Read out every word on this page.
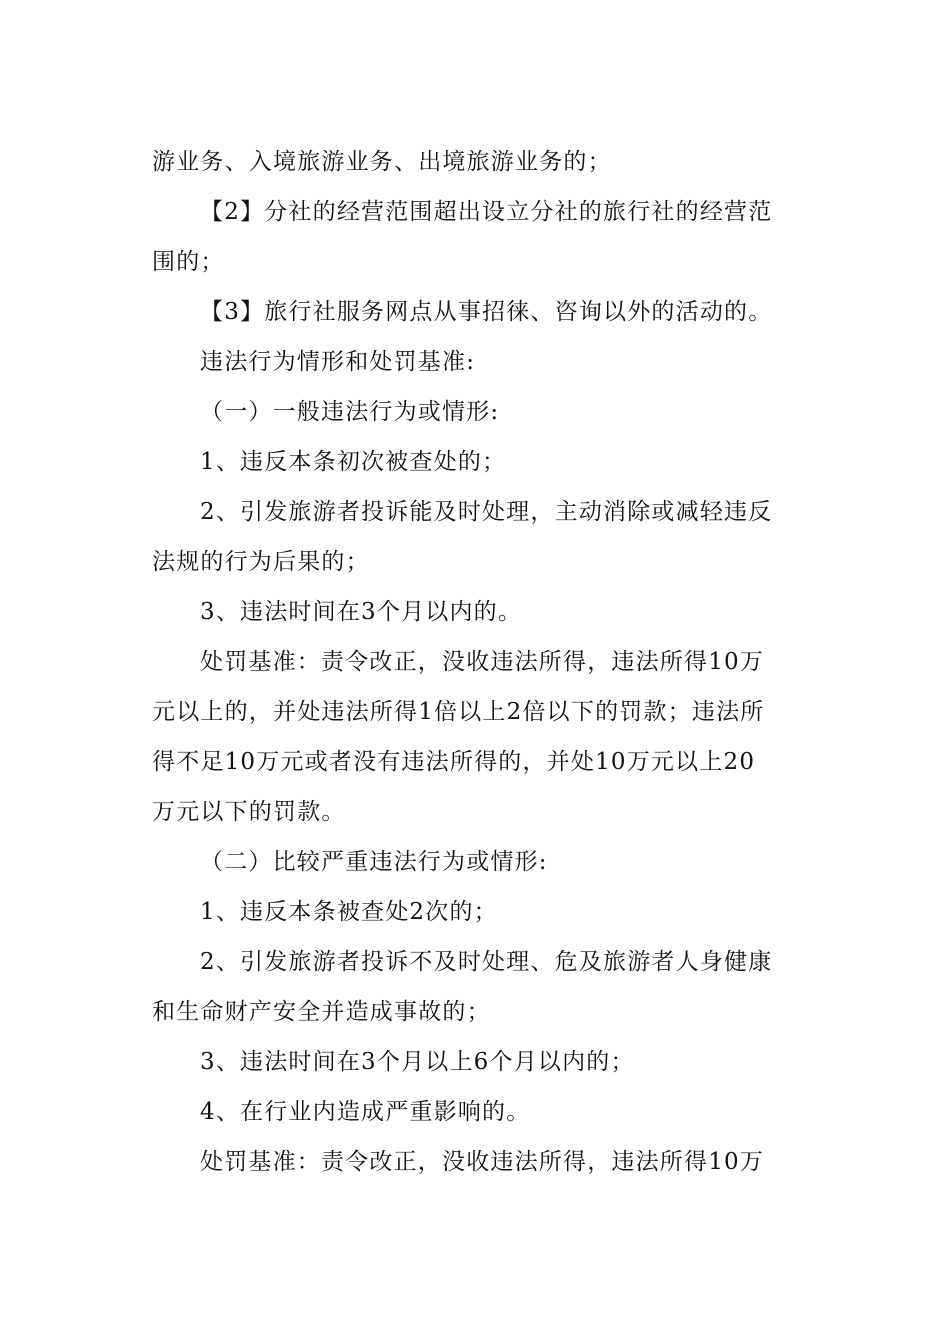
游业务、入境旅游业务、出境旅游业务的；
【2】分社的经营范围超出设立分社的旅行社的经营范
围的；
【3】旅行社服务网点从事招徕、咨询以外的活动的。
违法行为情形和处罚基准:
（一）一般违法行为或情形:
1、违反本条初次被查处的；
2、引发旅游者投诉能及时处理，主动消除或减轻违反
法规的行为后果的；
3、违法时间在3个月以内的。
处罚基准：责令改正，没收违法所得，违法所得10万
元以上的，并处违法所得1倍以上2倍以下的罚款；违法所
得不足10万元或者没有违法所得的，并处10万元以上20
万元以下的罚款。
（二）比较严重违法行为或情形:
1、违反本条被查处2次的；
2、引发旅游者投诉不及时处理、危及旅游者人身健康
和生命财产安全并造成事故的；
3、违法时间在3个月以上6个月以内的；
4、在行业内造成严重影响的。
处罚基准：责令改正，没收违法所得，违法所得10万
